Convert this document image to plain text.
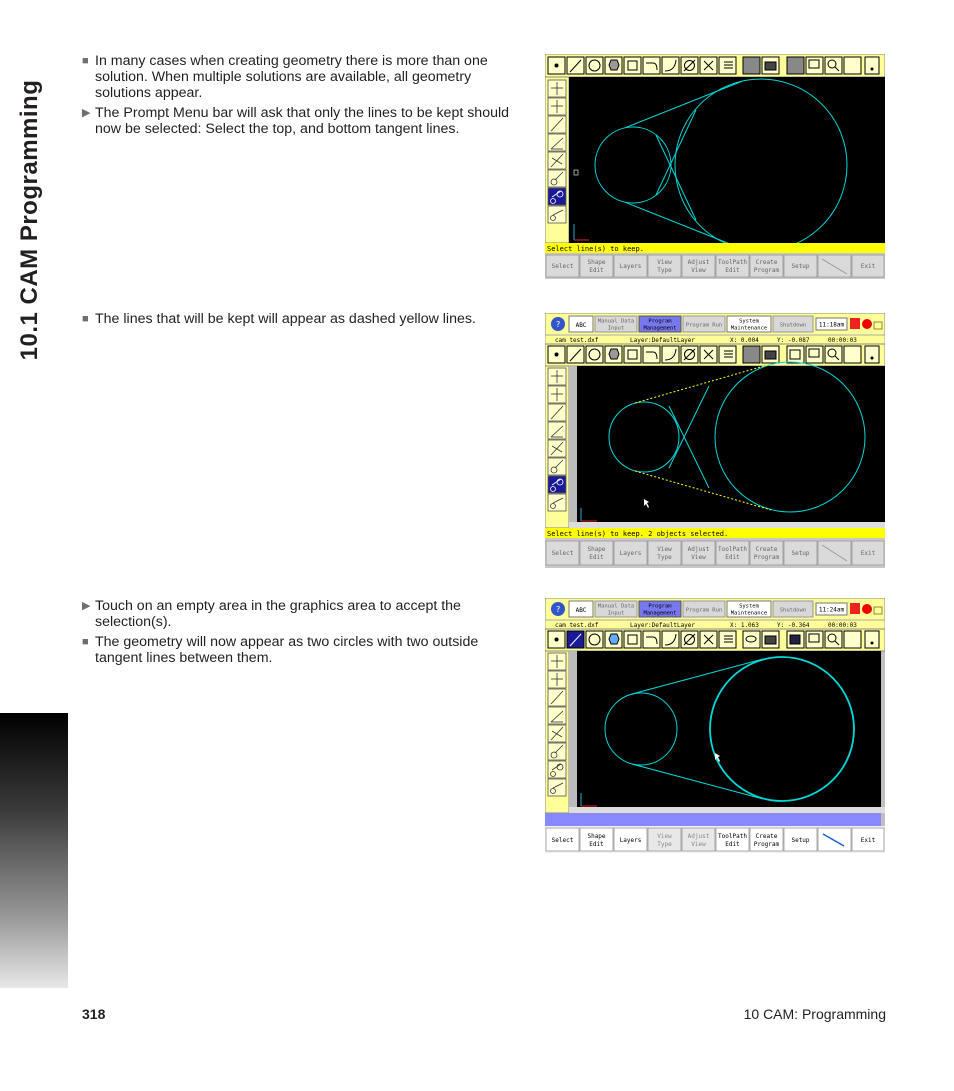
10.1 CAM Programming

■ In many cases when creating geometry there is more than one solution. When multiple solutions are available, all geometry solutions appear.

▶ The Prompt Menu bar will ask that only the lines to be kept should now be selected: Select the top, and bottom tangent lines.

■ The lines that will be kept will appear as dashed yellow lines.

▶ Touch on an empty area in the graphics area to accept the selection(s).

■ The geometry will now appear as two circles with two outside tangent lines between them.

Select line(s) to keep.
Select
Shape
Edit
Layers
View
Type
Adjust
View
ToolPath
Edit
Create
Program
Setup	Exit
?	ABC
Manual Data
Input
Program
Management Program Run
System
Maintenance Shutdown 11:18am
cam test.dxf	Layer:DefaultLayer	X: 0.004	Y: -0.087	00:00:03
Select line(s) to keep. 2 objects selected.
Select
Shape
Edit
Layers
View
Type
Adjust
View
ToolPath
Edit
Create
Program
Setup	Exit
?	ABC
Manual Data
Input
Program
Management Program Run
System
Maintenance Shutdown 11:24am
cam test.dxf	Layer:DefaultLayer	X: 1.063	Y: -0.364	00:00:03
Select
Shape
Edit
Layers
View
Type
Adjust
View
ToolPath
Edit
Create
Program
Setup	Exit
318	10 CAM: Programming
